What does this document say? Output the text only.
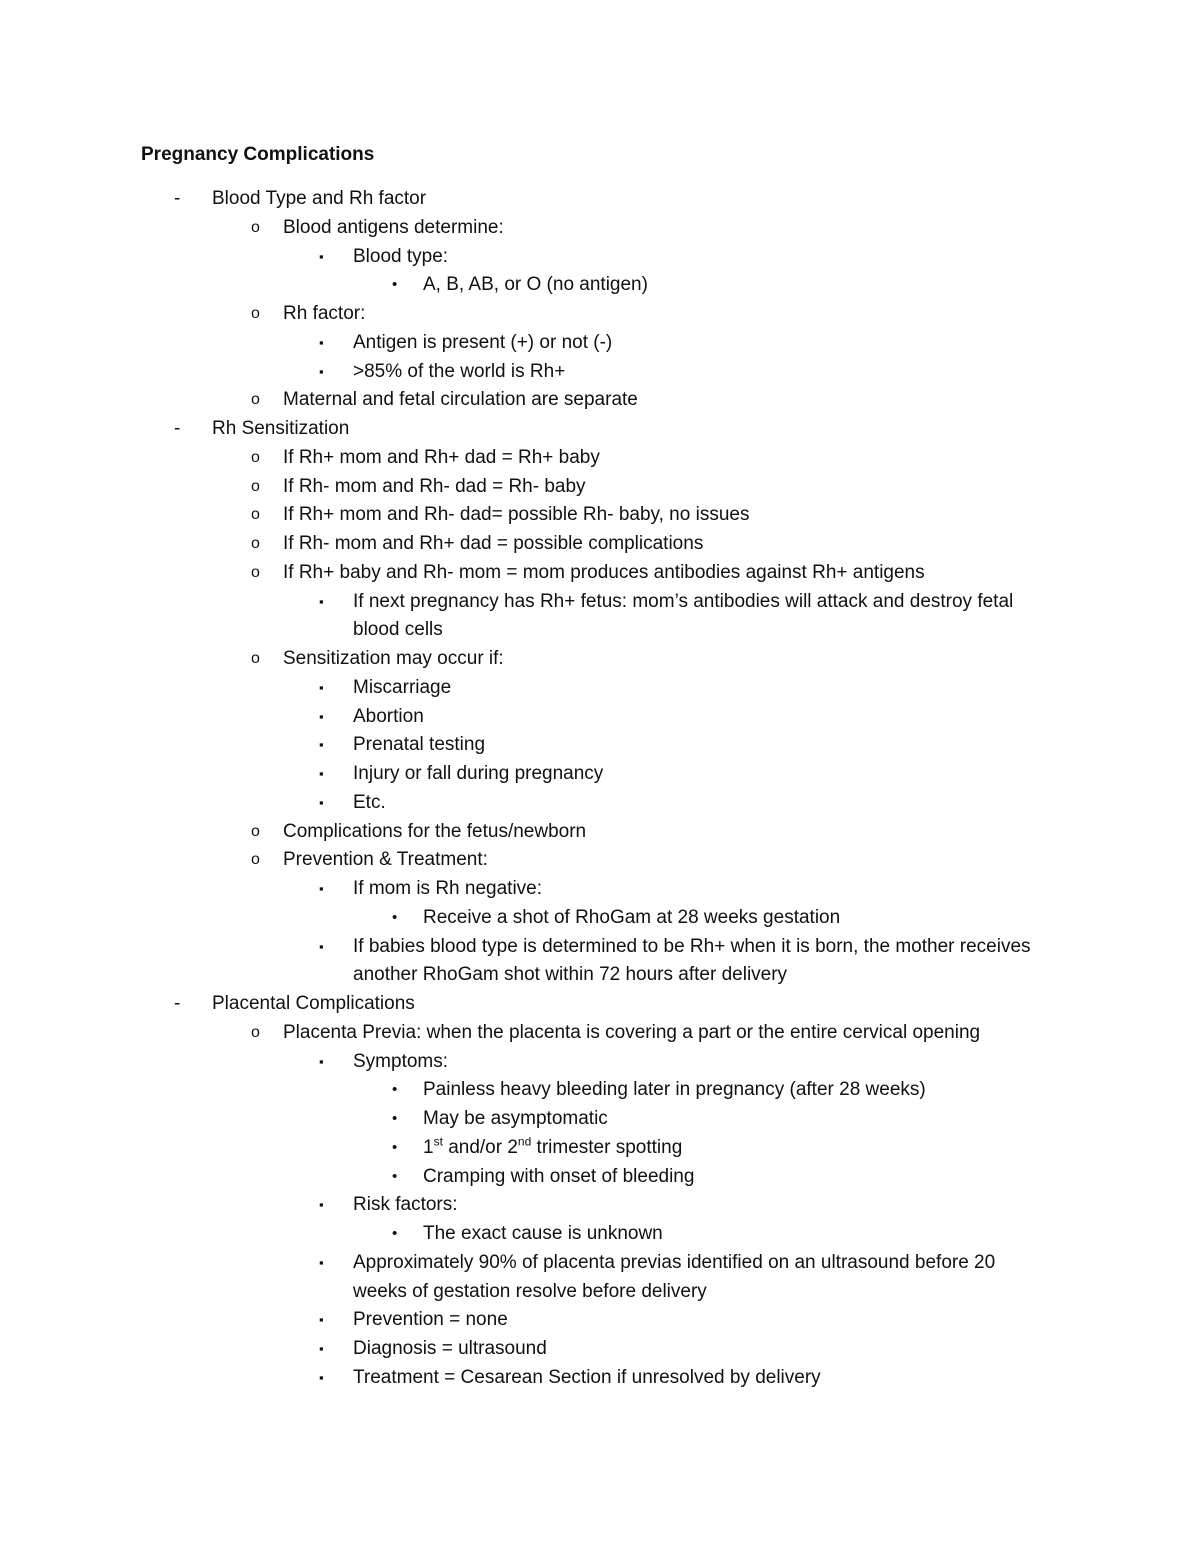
Pregnancy Complications
-	Blood Type and Rh factor
o	Blood antigens determine:
▪	Blood type:
•	A, B, AB, or O (no antigen)
o	Rh factor:
▪	Antigen is present (+) or not (-)
▪	>85% of the world is Rh+
o	Maternal and fetal circulation are separate
-	Rh Sensitization
o	If Rh+ mom and Rh+ dad = Rh+ baby
o	If Rh- mom and Rh- dad = Rh- baby
o	If Rh+ mom and Rh- dad= possible Rh- baby, no issues
o	If Rh- mom and Rh+ dad = possible complications
o	If Rh+ baby and Rh- mom = mom produces antibodies against Rh+ antigens
▪	If next pregnancy has Rh+ fetus: mom’s antibodies will attack and destroy fetal blood cells
o	Sensitization may occur if:
▪	Miscarriage
▪	Abortion
▪	Prenatal testing
▪	Injury or fall during pregnancy
▪	Etc.
o	Complications for the fetus/newborn
o	Prevention & Treatment:
▪	If mom is Rh negative:
•	Receive a shot of RhoGam at 28 weeks gestation
▪	If babies blood type is determined to be Rh+ when it is born, the mother receives another RhoGam shot within 72 hours after delivery
-	Placental Complications
o	Placenta Previa: when the placenta is covering a part or the entire cervical opening
▪	Symptoms:
•	Painless heavy bleeding later in pregnancy (after 28 weeks)
•	May be asymptomatic
•	1st and/or 2nd trimester spotting
•	Cramping with onset of bleeding
▪	Risk factors:
•	The exact cause is unknown
▪	Approximately 90% of placenta previas identified on an ultrasound before 20 weeks of gestation resolve before delivery
▪	Prevention = none
▪	Diagnosis = ultrasound
▪	Treatment = Cesarean Section if unresolved by delivery
